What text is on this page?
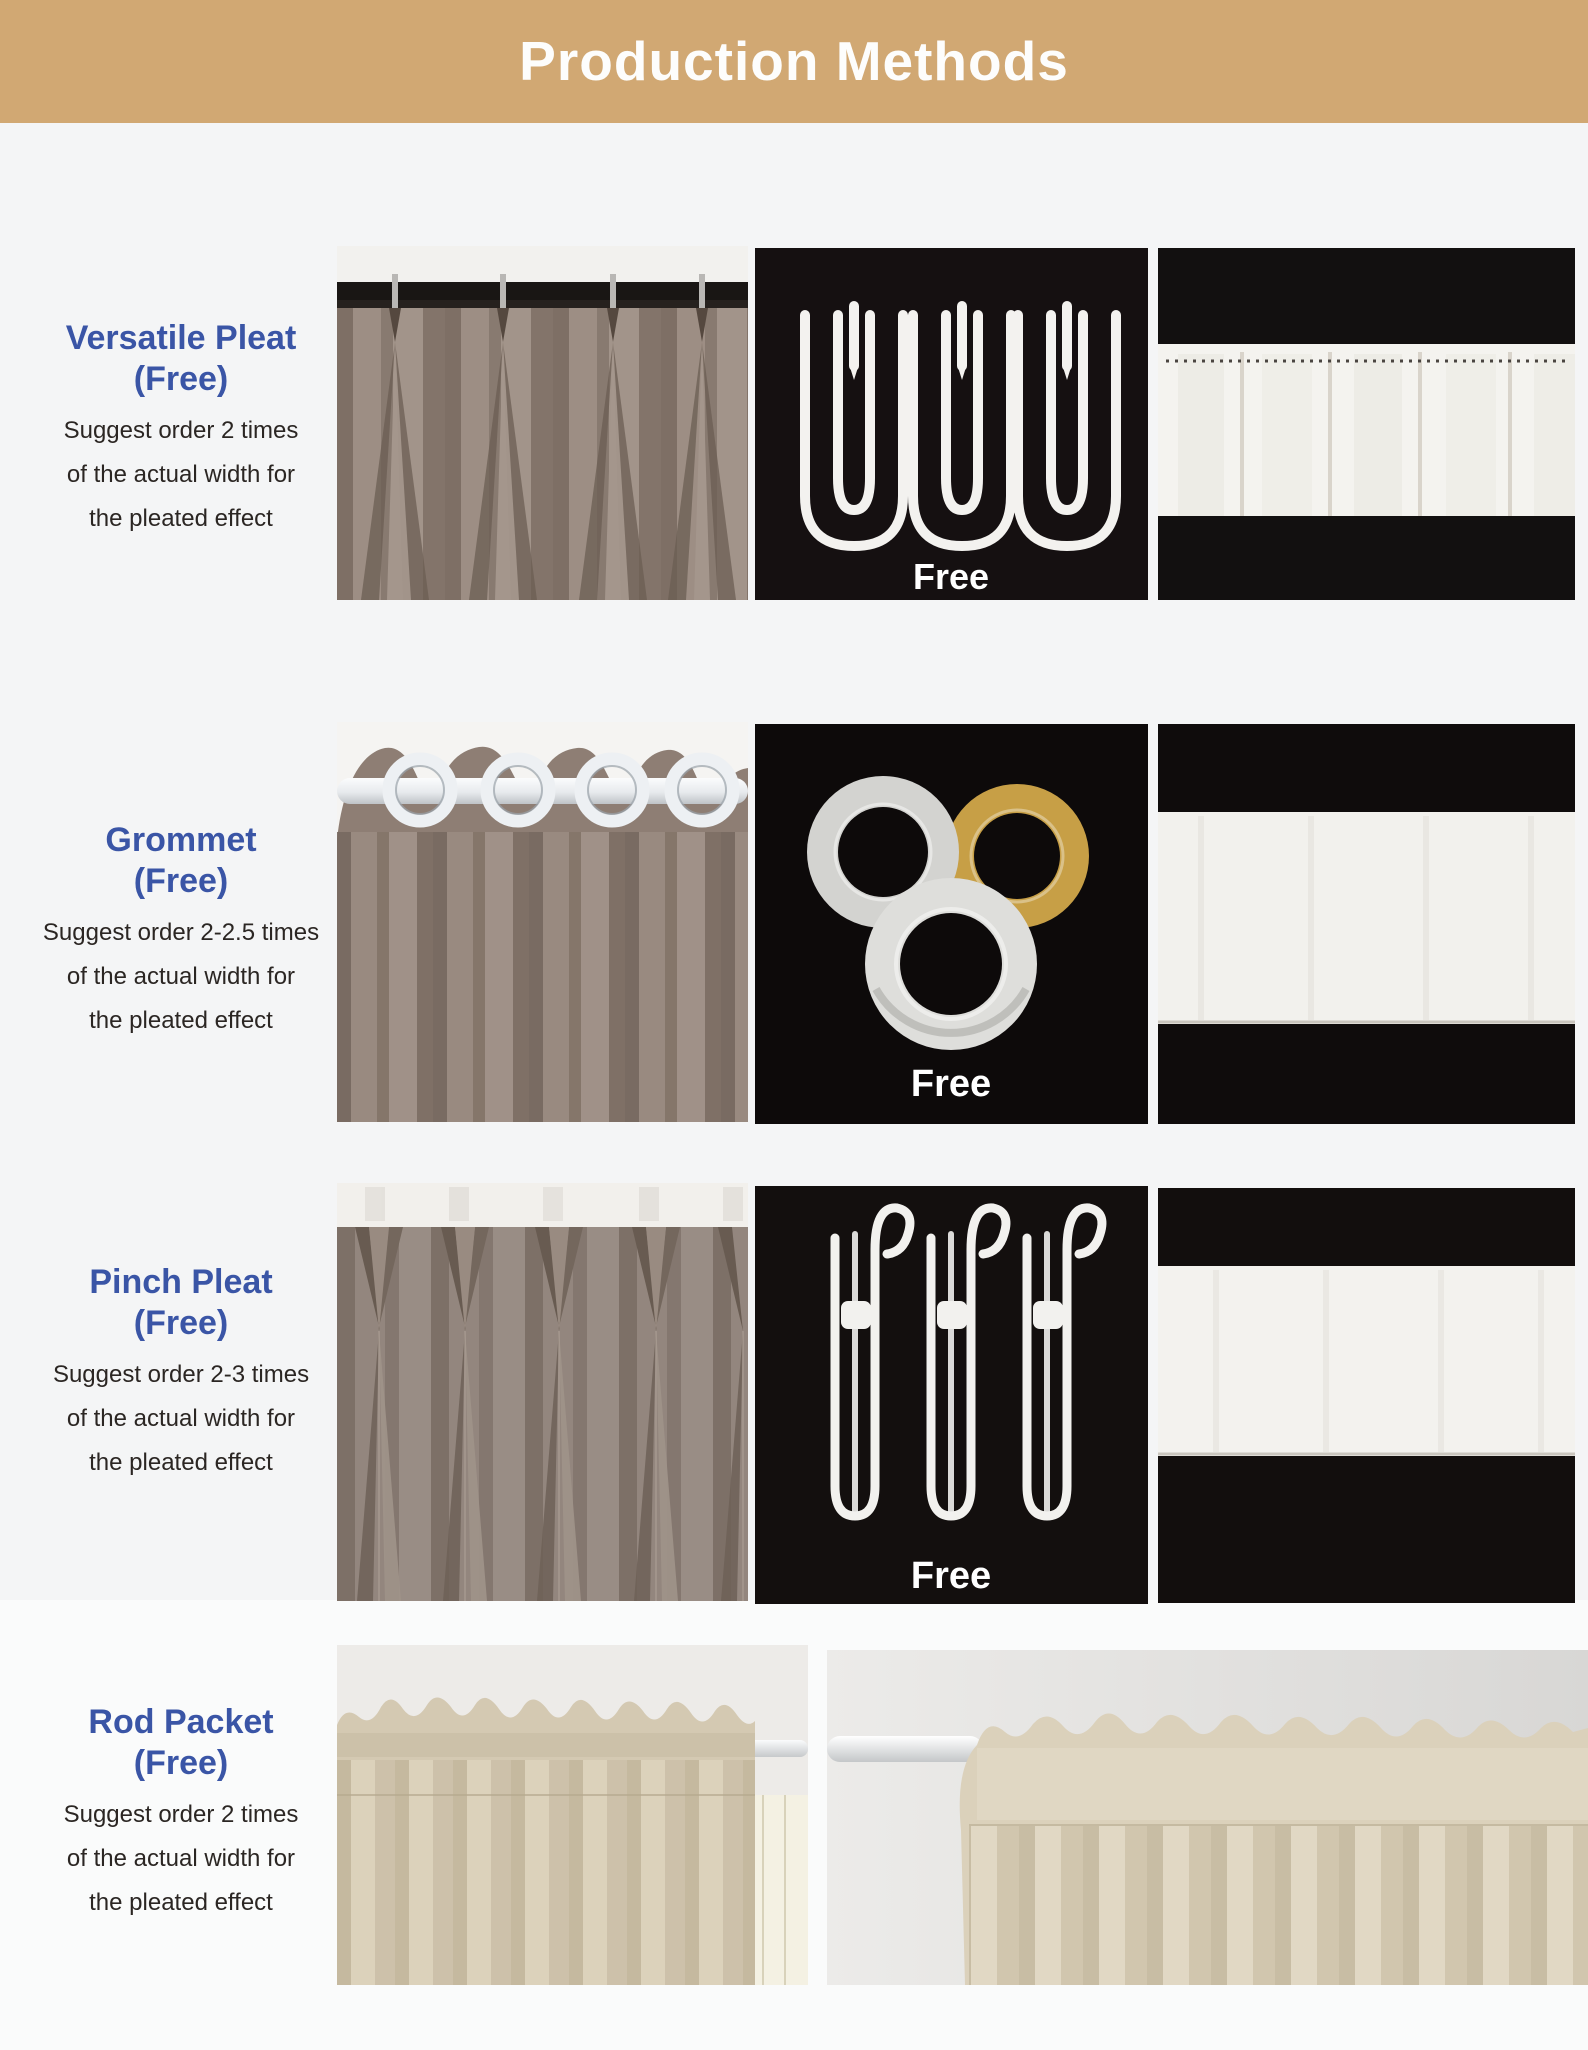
Production Methods
Versatile Pleat
(Free)
Suggest order 2 times
of the actual width for
the pleated effect
Free
Grommet
(Free)
Suggest order 2-2.5 times
of the actual width for
the pleated effect
Free
Pinch Pleat
(Free)
Suggest order 2-3 times
of the actual width for
the pleated effect
Free
Rod Packet
(Free)
Suggest order 2 times
of the actual width for
the pleated effect
